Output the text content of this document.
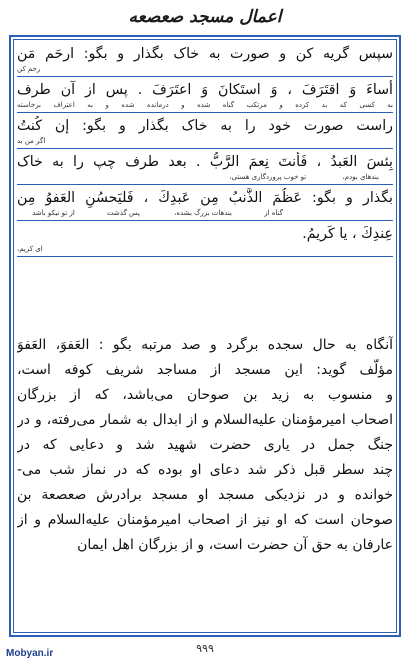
اعمال مسجد صعصعه
سپس گریه کن و صورت به خاک بگذار و بگو: ارحَم مَن
رحم کن
أَساءَ وَ اقتَرَفَ ، وَ استَکانَ وَ اعتَرَفَ . پس از آن طرف
به کسی که بد کرده و مرتکب گناه شده و درمانده شده و به اعتراف برخاسته
راست صورت خود را به خاک بگذار و بگو: إن کُنتُ
اگر من بد
بِئسَ العَبدُ ، فَأنتَ نِعمَ الرَّبُّ . بعد طرف چپ را به خاک
بندهای بودم، تو خوب پروردگاری هستی،
بگذار و بگو: عَظُمَ الذَّنبُ مِن عَبدِكَ ، فَلیَحسُنِ العَفوُ مِن
گناه از بندهات بزرگ بشده، پس گذشت از تو نیکو باشد
عِندِكَ ، یا کَریمُ.
ای کریم،
آنگاه به حال سجده برگرد و صد مرتبه بگو : العَفوَ، العَفوَ
مؤلّف گوید: این مسجد از مساجد شریف کوفه است،
و منسوب به زید بن صوحان می‌باشد، که از بزرگان
اصحاب امیرمؤمنان علیه‌السلام و از ابدال به شمار می‌رفته، و در
جنگ جمل در یاری حضرت شهید شد و دعایی که در
چند سطر قبل ذکر شد دعای او بوده که در نماز شب می-
خوانده و در نزدیکی مسجد او مسجد برادرش صعصعة بن
صوحان است که او نیز از اصحاب امیرمؤمنان علیه‌السلام و از
عارفان به حق آن حضرت است، و از بزرگان اهل ایمان
۹۹۹
Mobyan.ir
